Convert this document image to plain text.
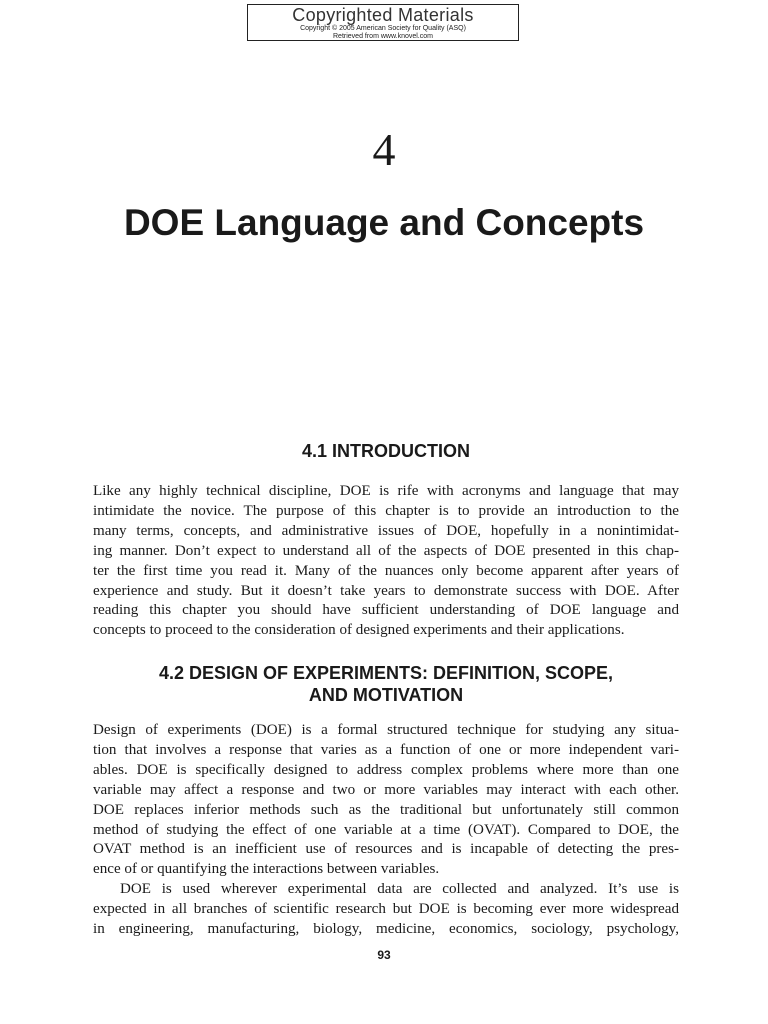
Copyrighted Materials
Copyright © 2005 American Society for Quality (ASQ)
Retrieved from www.knovel.com
4
DOE Language and Concepts
4.1 INTRODUCTION
Like any highly technical discipline, DOE is rife with acronyms and language that may
intimidate the novice. The purpose of this chapter is to provide an introduction to the
many terms, concepts, and administrative issues of DOE, hopefully in a nonintimidat-
ing manner. Don’t expect to understand all of the aspects of DOE presented in this chap-
ter the first time you read it. Many of the nuances only become apparent after years of
experience and study. But it doesn’t take years to demonstrate success with DOE. After
reading this chapter you should have sufficient understanding of DOE language and
concepts to proceed to the consideration of designed experiments and their applications.
4.2 DESIGN OF EXPERIMENTS: DEFINITION, SCOPE,
AND MOTIVATION
Design of experiments (DOE) is a formal structured technique for studying any situa-
tion that involves a response that varies as a function of one or more independent vari-
ables. DOE is specifically designed to address complex problems where more than one
variable may affect a response and two or more variables may interact with each other.
DOE replaces inferior methods such as the traditional but unfortunately still common
method of studying the effect of one variable at a time (OVAT). Compared to DOE, the
OVAT method is an inefficient use of resources and is incapable of detecting the pres-
ence of or quantifying the interactions between variables.
DOE is used wherever experimental data are collected and analyzed. It’s use is
expected in all branches of scientific research but DOE is becoming ever more widespread
in engineering, manufacturing, biology, medicine, economics, sociology, psychology,
93
